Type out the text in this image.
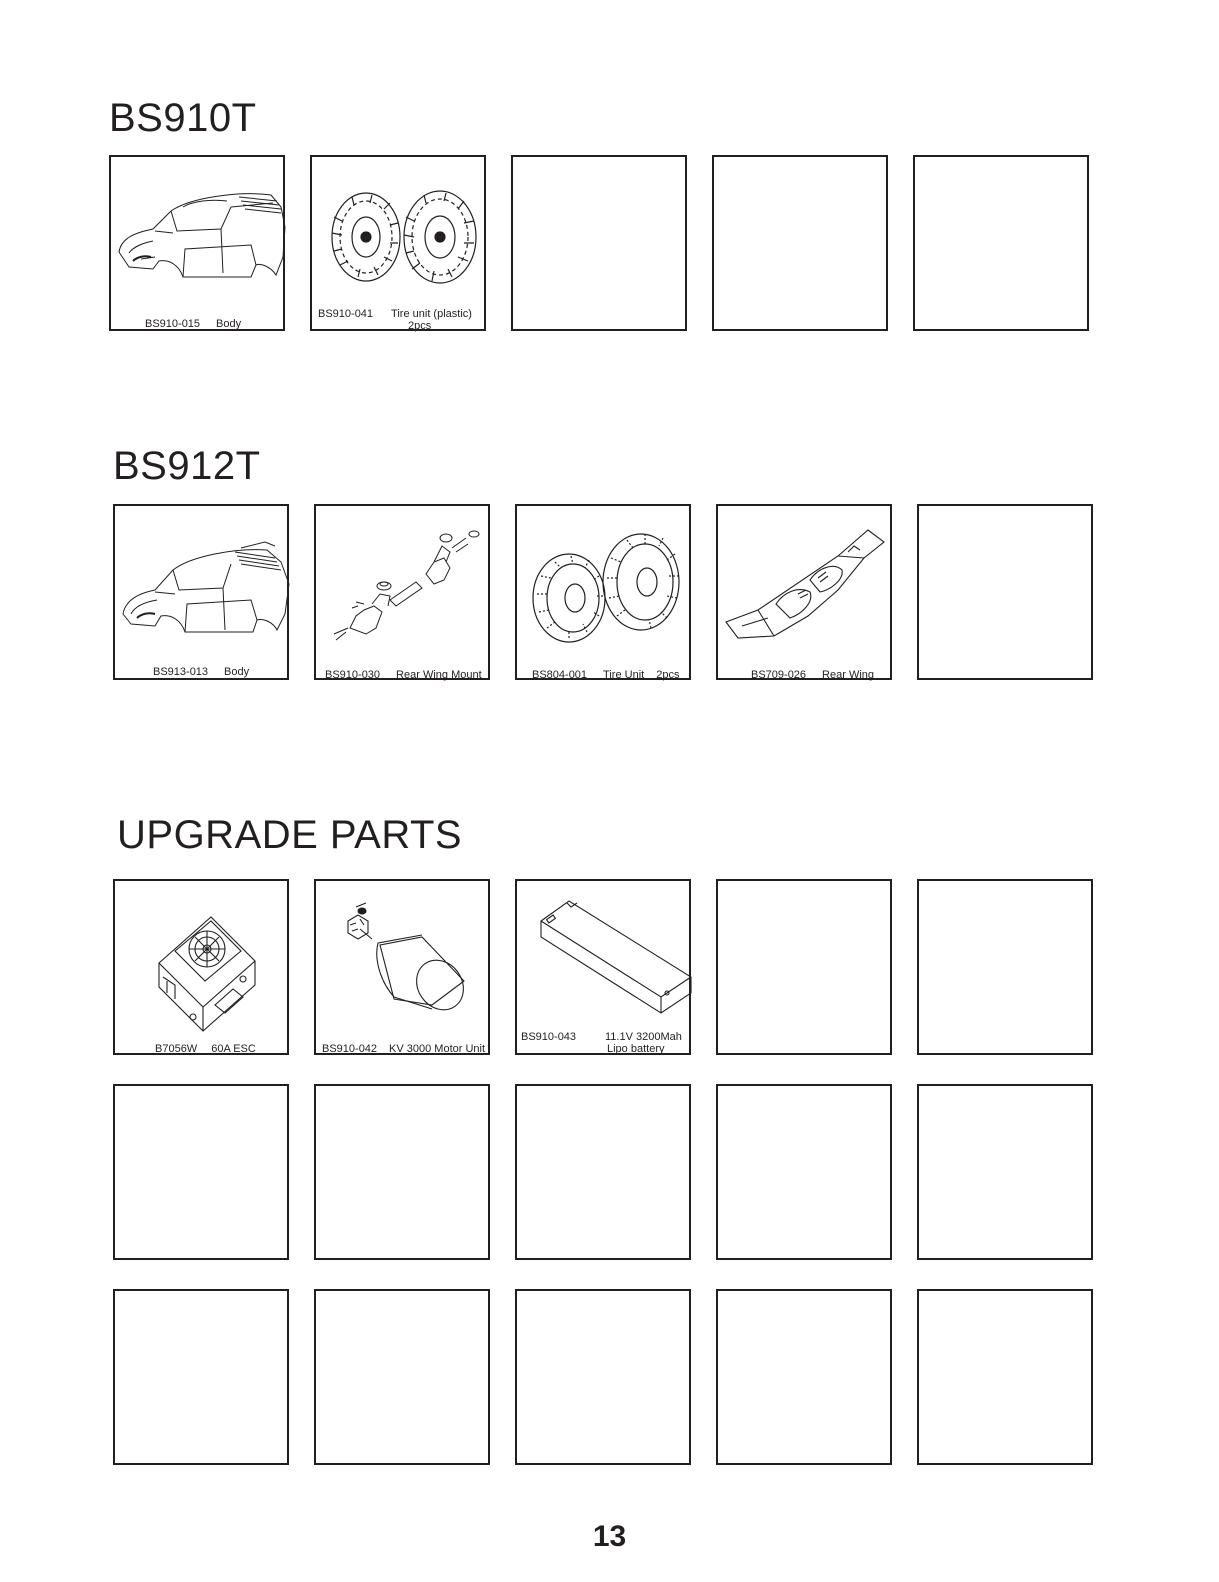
BS910T
BS910-015 Body
BS910-041 Tire unit (plastic)
2pcs
BS912T
BS913-013 Body	BS910-030 Rear Wing Mount	BS804-001 Tire Unit 2pcs	BS709-026 Rear Wing
UPGRADE PARTS
B7056W 60A ESC	BS910-042 KV 3000 Motor Unit
BS910-043	11.1V 3200Mah
Lipo battery
13
